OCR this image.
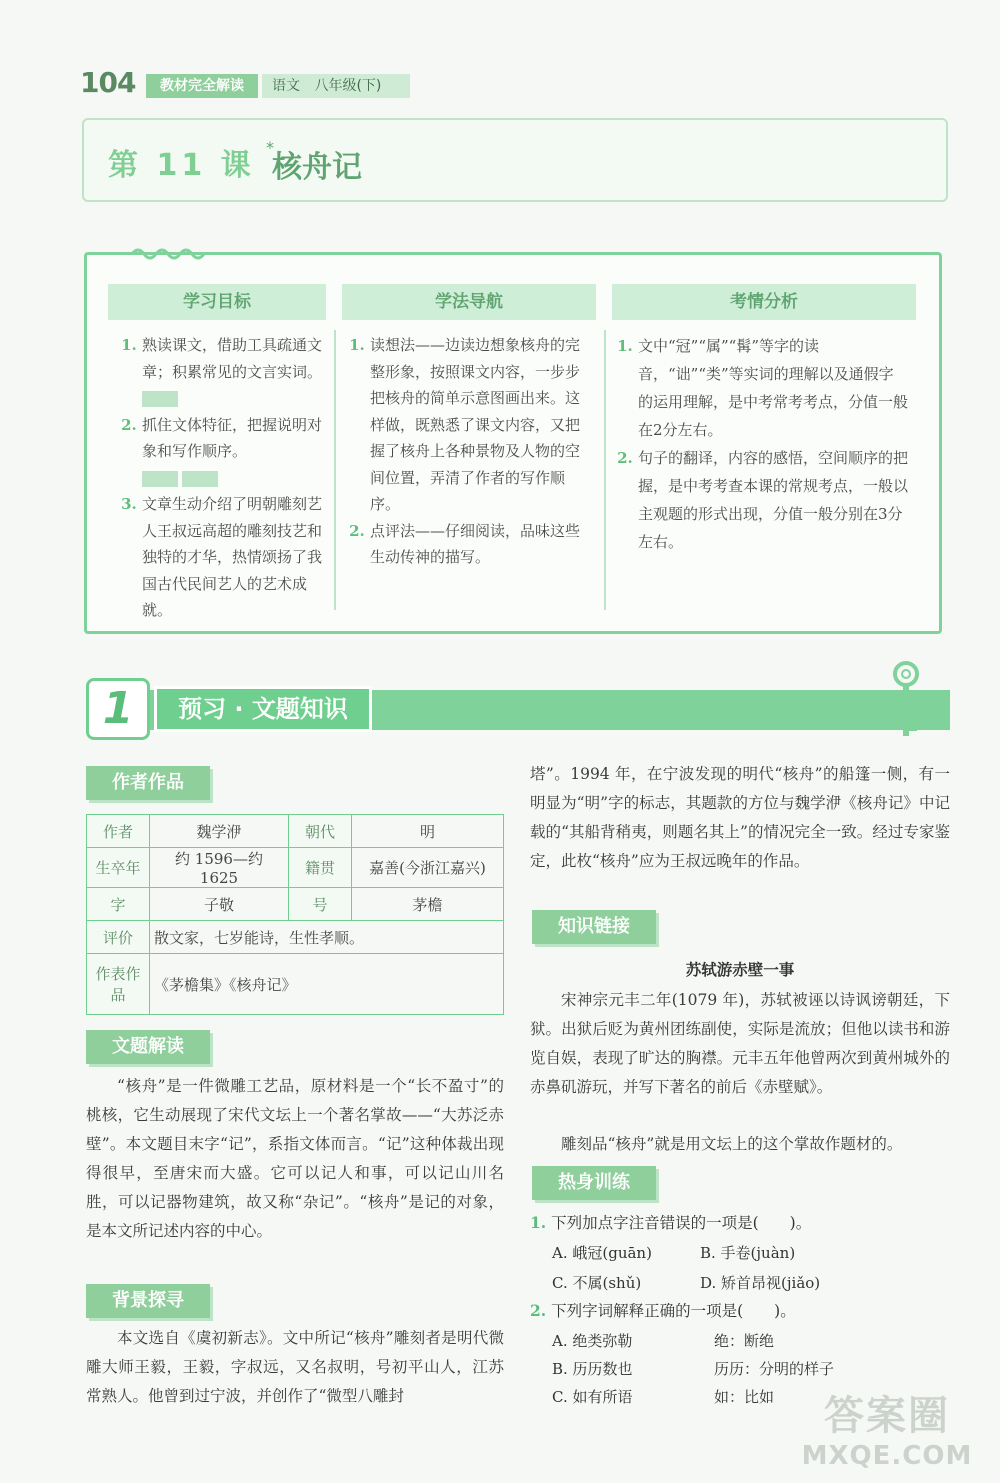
104	教材完全解读	语文 八年级(下)
第 11 课
*
核舟记
学习目标	学法导航	考情分析
1. 熟读课文，借助工具疏通文章；积累常见的文言实词。
2. 抓住文体特征，把握说明对象和写作顺序。

3. 文章生动介绍了明朝雕刻艺人王叔远高超的雕刻技艺和独特的才华，热情颂扬了我国古代民间艺人的艺术成就。
1. 读想法——边读边想象核舟的完整形象，按照课文内容，一步步把核舟的简单示意图画出来。这样做，既熟悉了课文内容，又把握了核舟上各种景物及人物的空间位置，弄清了作者的写作顺序。
2. 点评法——仔细阅读，品味这些生动传神的描写。
1. 文中“冠”“属”“髯”等字的读音，“诎”“类”等实词的理解以及通假字的运用理解，是中考常考考点，分值一般在2分左右。
2. 句子的翻译，内容的感悟，空间顺序的把握，是中考考查本课的常规考点，一般以主观题的形式出现，分值一般分别在3分左右。
1	预习 · 文题知识
作者作品
作者	魏学洢	朝代	明
生卒年	约 1596—约 1625	籍贯	嘉善(今浙江嘉兴)
字	子敬	号	茅檐
评价	散文家，七岁能诗，生性孝顺。		
作表作品	《茅檐集》《核舟记》		
文题解读
“核舟”是一件微雕工艺品，原材料是一个“长不盈寸”的桃核，它生动展现了宋代文坛上一个著名掌故——“大苏泛赤壁”。本文题目末字“记”，系指文体而言。“记”这种体裁出现得很早，至唐宋而大盛。它可以记人和事，可以记山川名胜，可以记器物建筑，故又称“杂记”。“核舟”是记的对象，是本文所记述内容的中心。
背景探寻
本文选自《虞初新志》。文中所记“核舟”雕刻者是明代微雕大师王毅，王毅，字叔远，又名叔明，号初平山人，江苏常熟人。他曾到过宁波，并创作了“微型八雕封
塔”。1994 年，在宁波发现的明代“核舟”的船篷一侧，有一明显为“明”字的标志，其题款的方位与魏学洢《核舟记》中记载的“其船背稍夷，则题名其上”的情况完全一致。经过专家鉴定，此枚“核舟”应为王叔远晚年的作品。
知识链接
苏轼游赤壁一事
宋神宗元丰二年(1079 年)，苏轼被诬以诗讽谤朝廷，下狱。出狱后贬为黄州团练副使，实际是流放；但他以读书和游览自娱，表现了旷达的胸襟。元丰五年他曾两次到黄州城外的赤鼻矶游玩，并写下著名的前后《赤壁赋》。
雕刻品“核舟”就是用文坛上的这个掌故作题材的。
热身训练
1. 下列加点字注音错误的一项是(　　)。
A. 峨冠(guān)	B. 手卷(juàn)
C. 不属(shǔ)	D. 矫首昂视(jiǎo)
2. 下列字词解释正确的一项是(　　)。
A. 绝类弥勒	绝：断绝
B. 历历数也	历历：分明的样子
C. 如有所语	如：比如	答案圈
MXQE.COM
